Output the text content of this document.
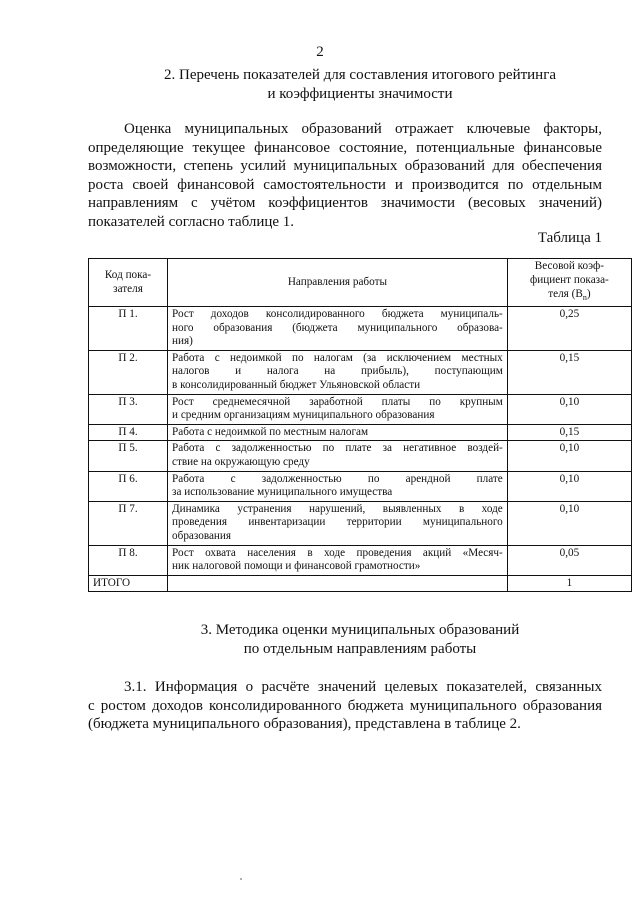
2
2. Перечень показателей для составления итогового рейтинга
и коэффициенты значимости
Оценка муниципальных образований отражает ключевые факторы,
определяющие текущее финансовое состояние, потенциальные финансовые
возможности, степень усилий муниципальных образований для обеспечения
роста своей финансовой самостоятельности и производится по отдельным
направлениям с учётом коэффициентов значимости (весовых значений)
показателей согласно таблице 1.
Таблица 1
Код пока-
зателя	Направления работы	Весовой коэф-
фициент показа-
теля $(B_n)$
П 1.	Рост доходов консолидированного бюджета муниципаль-
ного образования (бюджета муниципального образова-
ния)	0,25
П 2.	Работа с недоимкой по налогам (за исключением местных
налогов и налога на прибыль), поступающим
в консолидированный бюджет Ульяновской области	0,15
П 3.	Рост среднемесячной заработной платы по крупным
и средним организациям муниципального образования	0,10
П 4.	Работа с недоимкой по местным налогам	0,15
П 5.	Работа с задолженностью по плате за негативное воздей-
ствие на окружающую среду	0,10
П 6.	Работа с задолженностью по арендной плате
за использование муниципального имущества	0,10
П 7.	Динамика устранения нарушений, выявленных в ходе
проведения инвентаризации территории муниципального
образования	0,10
П 8.	Рост охвата населения в ходе проведения акций «Месяч-
ник налоговой помощи и финансовой грамотности»	0,05
ИТОГО		1
3. Методика оценки муниципальных образований
по отдельным направлениям работы
3.1. Информация о расчёте значений целевых показателей, связанных
с ростом доходов консолидированного бюджета муниципального образования
(бюджета муниципального образования), представлена в таблице 2.
